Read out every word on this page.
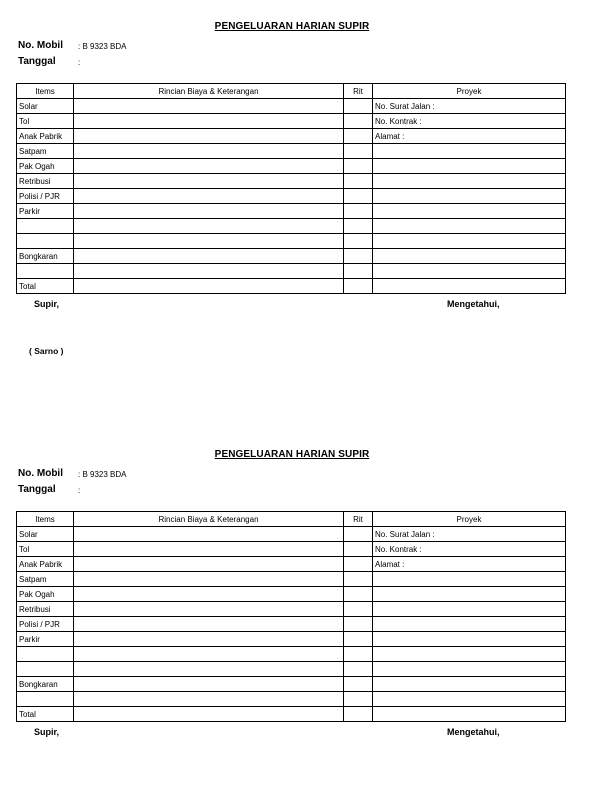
PENGELUARAN HARIAN SUPIR
No. Mobil : B 9323 BDA
Tanggal	:
Items	Rincian Biaya & Keterangan	Rit	Proyek
Solar			No. Surat Jalan :
Tol			No. Kontrak :
Anak Pabrik			Alamat :
Satpam			
Pak Ogah			
Retribusi			
Polisi / PJR			
Parkir			

Bongkaran			

Total			
Supir,	Mengetahui,
( Sarno )
PENGELUARAN HARIAN SUPIR
No. Mobil : B 9323 BDA
Tanggal	:
Items	Rincian Biaya & Keterangan	Rit	Proyek
Solar			No. Surat Jalan :
Tol			No. Kontrak :
Anak Pabrik			Alamat :
Satpam			
Pak Ogah			
Retribusi			
Polisi / PJR			
Parkir			

Bongkaran			

Total			
Supir,	Mengetahui,
